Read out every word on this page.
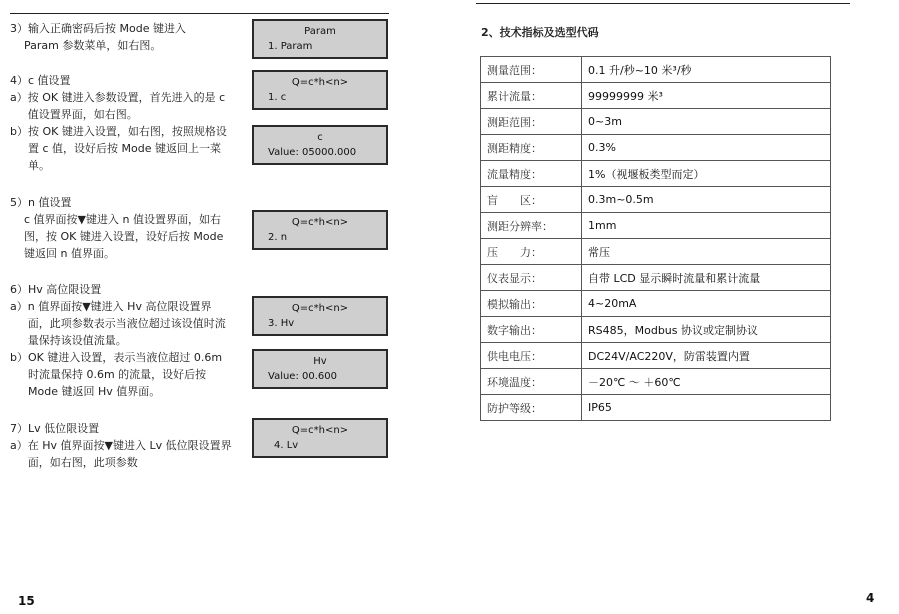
3）输入正确密码后按 Mode 键进入
Param 参数菜单，如右图。
4）c 值设置
a） 按 OK 键进入参数设置，首先进入的是 c 值设置界面，如右图。
b） 按 OK 键进入设置，如右图，按照规格设置 c 值，设好后按 Mode 键返回上一菜单。
5）n 值设置
c 值界面按▼键进入 n 值设置界面，如右图，按 OK 键进入设置，设好后按 Mode 键返回 n 值界面。
6）Hv 高位限设置
a） n 值界面按▼键进入 Hv 高位限设置界面，此项参数表示当液位超过该设值时流量保持该设值流量。
b） OK 键进入设置，表示当液位超过 0.6m 时流量保持 0.6m 的流量，设好后按 Mode 键返回 Hv 值界面。
7）Lv 低位限设置
a） 在 Hv 值界面按▼键进入 Lv 低位限设置界面，如右图，此项参数
Param
1. Param
Q=c*h<n>
1. c
c
Value: 05000.000
Q=c*h<n>
2. n
Q=c*h<n>
3. Hv
Hv
Value: 00.600
Q=c*h<n>
4. Lv
15
2、技术指标及选型代码
测量范围：	0.1 升/秒~10 米³/秒
累计流量：	99999999 米³
测距范围：	0~3m
测距精度：	0.3%
流量精度：	1%（视堰板类型而定）
盲　　区：	0.3m~0.5m
测距分辨率：	1mm
压　　力：	常压
仪表显示：	自带 LCD 显示瞬时流量和累计流量
模拟输出：	4~20mA
数字输出：	RS485，Modbus 协议或定制协议
供电电压：	DC24V/AC220V，防雷装置内置
环境温度：	－20℃ ～ ＋60℃
防护等级：	IP65
4
